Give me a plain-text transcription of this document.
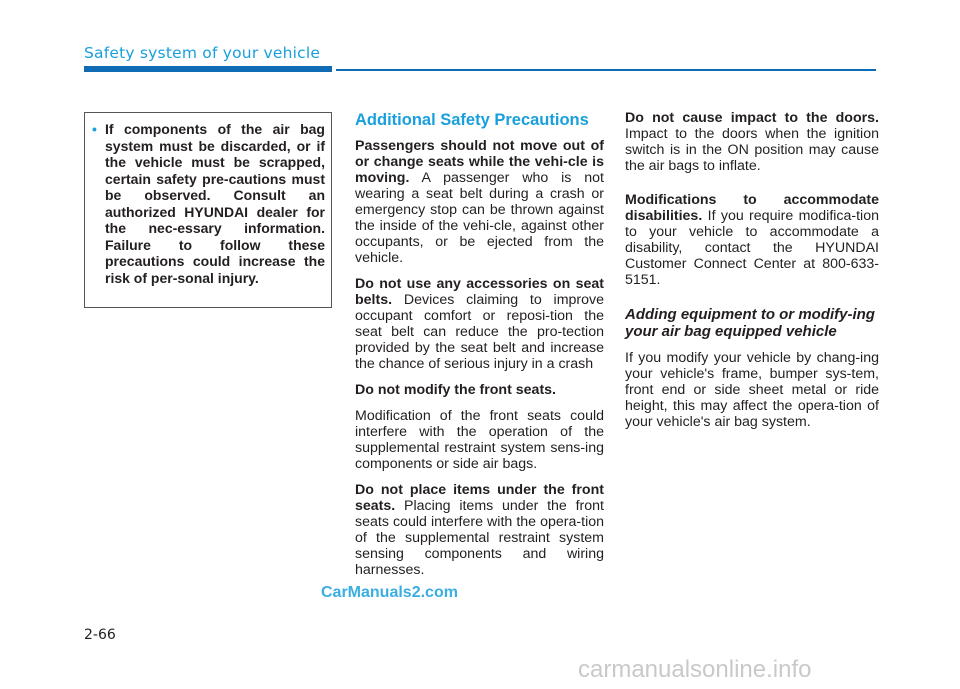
Safety system of your vehicle
• If components of the air bag system must be discarded, or if the vehicle must be scrapped, certain safety pre-cautions must be observed. Consult an authorized HYUNDAI dealer for the nec-essary information. Failure to follow these precautions could increase the risk of per-sonal injury.
Additional Safety Precautions

Passengers should not move out of or change seats while the vehi-cle is moving. A passenger who is not wearing a seat belt during a crash or emergency stop can be thrown against the inside of the vehi-cle, against other occupants, or be ejected from the vehicle.

Do not use any accessories on seat belts. Devices claiming to improve occupant comfort or reposi-tion the seat belt can reduce the pro-tection provided by the seat belt and increase the chance of serious injury in a crash

Do not modify the front seats.

Modification of the front seats could interfere with the operation of the supplemental restraint system sens-ing components or side air bags.

Do not place items under the front seats. Placing items under the front seats could interfere with the opera-tion of the supplemental restraint system sensing components and wiring harnesses.

Do not cause impact to the doors. Impact to the doors when the ignition switch is in the ON position may cause the air bags to inflate.

Modifications to accommodate disabilities. If you require modifica-tion to your vehicle to accommodate a disability, contact the HYUNDAI Customer Connect Center at 800-633-5151.

Adding equipment to or modify-ing your air bag equipped vehicle

If you modify your vehicle by chang-ing your vehicle's frame, bumper sys-tem, front end or side sheet metal or ride height, this may affect the opera-tion of your vehicle's air bag system.

CarManuals2.com
2-66
carmanualsonline.info
